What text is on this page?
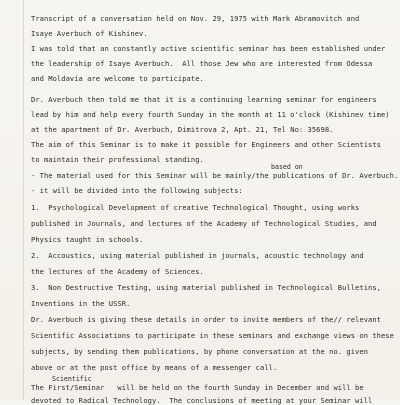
Transcript of a conversation held on Nov. 29, 1975 with Mark Abramovitch and
Isaye Averbuch of Kishinev.
I was told that an constantly active scientific seminar has been established under
the leadership of Isaye Averbuch.  All those Jew who are interested from Odessa
and Moldavia are welcome to participate.
Dr. Averbuch then told me that it is a continuing learning seminar for engineers
lead by him and help every fourth Sunday in the month at 11 o'clock (Kishinev time)
at the apartment of Dr. Averbuch, Dimitrova 2, Apt. 21, Tel No: 35698.
The aim of this Seminar is to make it possible for Engineers and other Scientists
to maintain their professional standing.
based on
- The material used for this Seminar will be mainly/the publications of Dr. Averbuch.
- it will be divided into the following subjects:
1.  Psychological Development of creative Technological Thought, using works
published in Journals, and lectures of the Academy of Technological Studies, and
Physics taught in schools.
2.  Accoustics, using material published in journals, acoustic technology and
the lectures of the Academy of Sciences.
3.  Non Destructive Testing, using material published in Technological Bulletins,
Inventions in the USSR.
Dr. Averbuch is giving these details in order to invite members of the// relevant
Scientific Associations to participate in these seminars and exchange views on these
subjects, by sending them publications, by phone conversation at the no. given
above or at the post office by means of a messenger call.
Scientific
The First/Seminar   will be held on the fourth Sunday in December and will be
devoted to Radical Technology.  The conclusions of meeting at your Seminar will
